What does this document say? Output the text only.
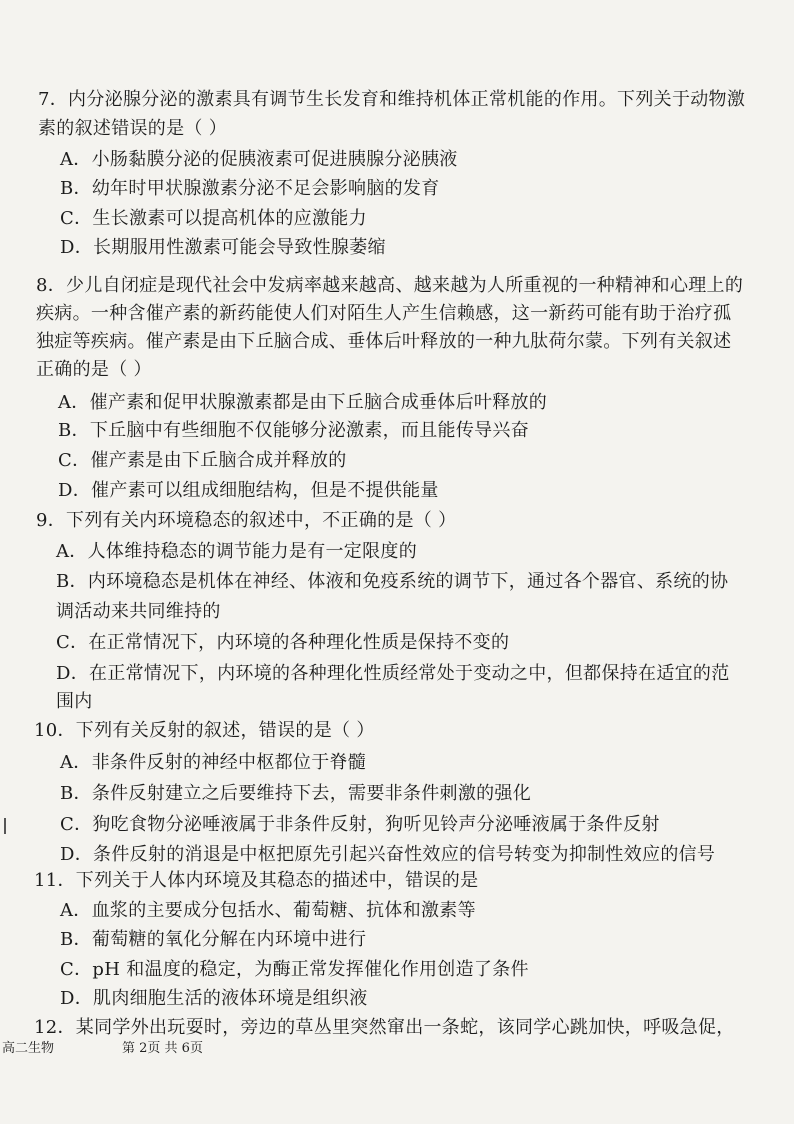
7．内分泌腺分泌的激素具有调节生长发育和维持机体正常机能的作用。下列关于动物激
素的叙述错误的是（ ）
A．小肠黏膜分泌的促胰液素可促进胰腺分泌胰液
B．幼年时甲状腺激素分泌不足会影响脑的发育
C．生长激素可以提高机体的应激能力
D．长期服用性激素可能会导致性腺萎缩
8．少儿自闭症是现代社会中发病率越来越高、越来越为人所重视的一种精神和心理上的
疾病。一种含催产素的新药能使人们对陌生人产生信赖感，这一新药可能有助于治疗孤
独症等疾病。催产素是由下丘脑合成、垂体后叶释放的一种九肽荷尔蒙。下列有关叙述
正确的是（ ）
A．催产素和促甲状腺激素都是由下丘脑合成垂体后叶释放的
B．下丘脑中有些细胞不仅能够分泌激素，而且能传导兴奋
C．催产素是由下丘脑合成并释放的
D．催产素可以组成细胞结构，但是不提供能量
9．下列有关内环境稳态的叙述中，不正确的是（ ）
A．人体维持稳态的调节能力是有一定限度的
B．内环境稳态是机体在神经、体液和免疫系统的调节下，通过各个器官、系统的协
调活动来共同维持的
C．在正常情况下，内环境的各种理化性质是保持不变的
D．在正常情况下，内环境的各种理化性质经常处于变动之中，但都保持在适宜的范
围内
10．下列有关反射的叙述，错误的是（ ）
A．非条件反射的神经中枢都位于脊髓
B．条件反射建立之后要维持下去，需要非条件刺激的强化
C．狗吃食物分泌唾液属于非条件反射，狗听见铃声分泌唾液属于条件反射
D．条件反射的消退是中枢把原先引起兴奋性效应的信号转变为抑制性效应的信号
11．下列关于人体内环境及其稳态的描述中，错误的是
A．血浆的主要成分包括水、葡萄糖、抗体和激素等
B．葡萄糖的氧化分解在内环境中进行
C．pH 和温度的稳定，为酶正常发挥催化作用创造了条件
D．肌肉细胞生活的液体环境是组织液
12．某同学外出玩耍时，旁边的草丛里突然窜出一条蛇，该同学心跳加快，呼吸急促，
高二生物	第 2页 共 6页
